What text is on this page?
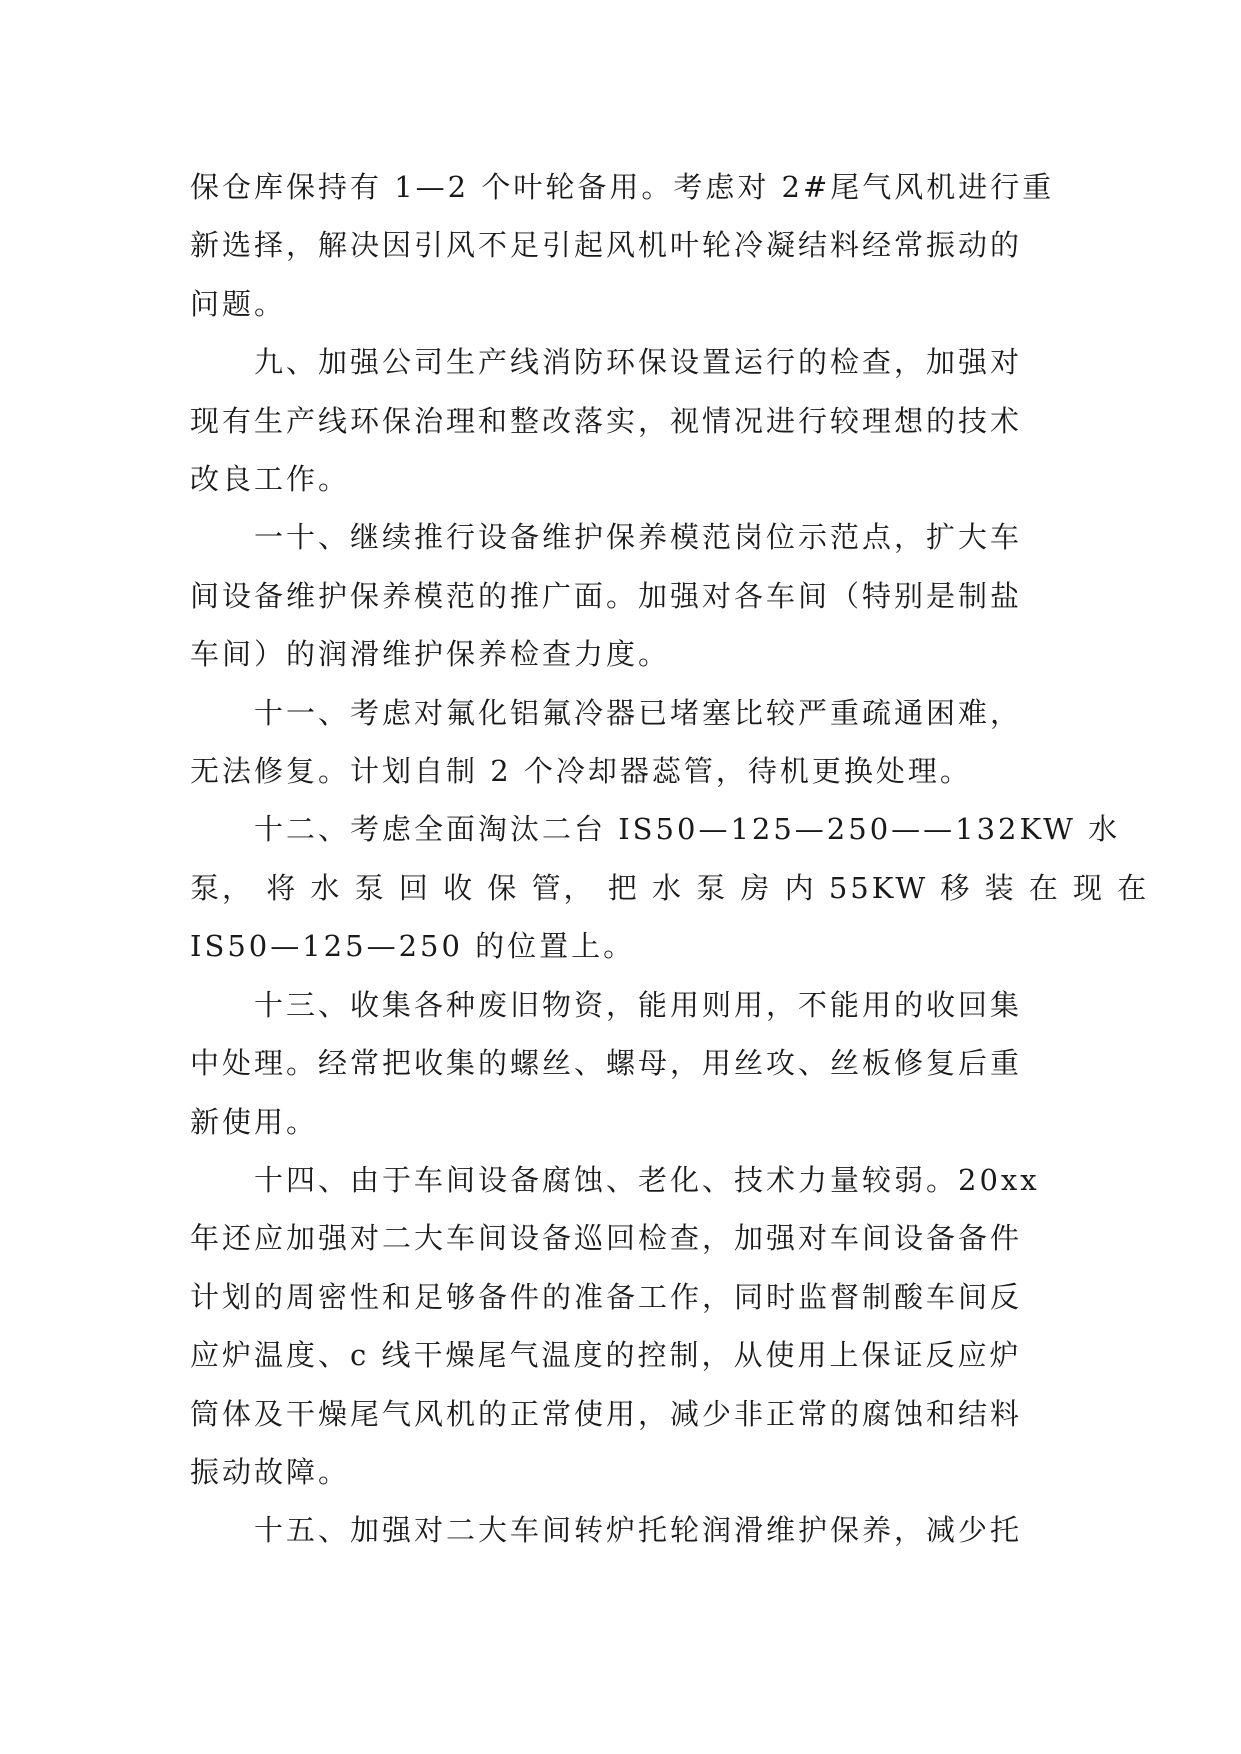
保仓库保持有 1—2 个叶轮备用。考虑对 2#尾气风机进行重
新选择，解决因引风不足引起风机叶轮冷凝结料经常振动的
问题。

九、加强公司生产线消防环保设置运行的检查，加强对
现有生产线环保治理和整改落实，视情况进行较理想的技术
改良工作。

一十、继续推行设备维护保养模范岗位示范点，扩大车
间设备维护保养模范的推广面。加强对各车间（特别是制盐
车间）的润滑维护保养检查力度。

十一、考虑对氟化铝氟冷器已堵塞比较严重疏通困难，
无法修复。计划自制 2 个冷却器蕊管，待机更换处理。

十二、考虑全面淘汰二台 IS50—125—250——132KW 水
泵， 将 水 泵 回 收 保 管， 把 水 泵 房 内 55KW 移 装 在 现 在
IS50—125—250 的位置上。

十三、收集各种废旧物资，能用则用，不能用的收回集
中处理。经常把收集的螺丝、螺母，用丝攻、丝板修复后重
新使用。

十四、由于车间设备腐蚀、老化、技术力量较弱。20xx
年还应加强对二大车间设备巡回检查，加强对车间设备备件
计划的周密性和足够备件的准备工作，同时监督制酸车间反
应炉温度、c 线干燥尾气温度的控制，从使用上保证反应炉
筒体及干燥尾气风机的正常使用，减少非正常的腐蚀和结料
振动故障。

十五、加强对二大车间转炉托轮润滑维护保养，减少托
